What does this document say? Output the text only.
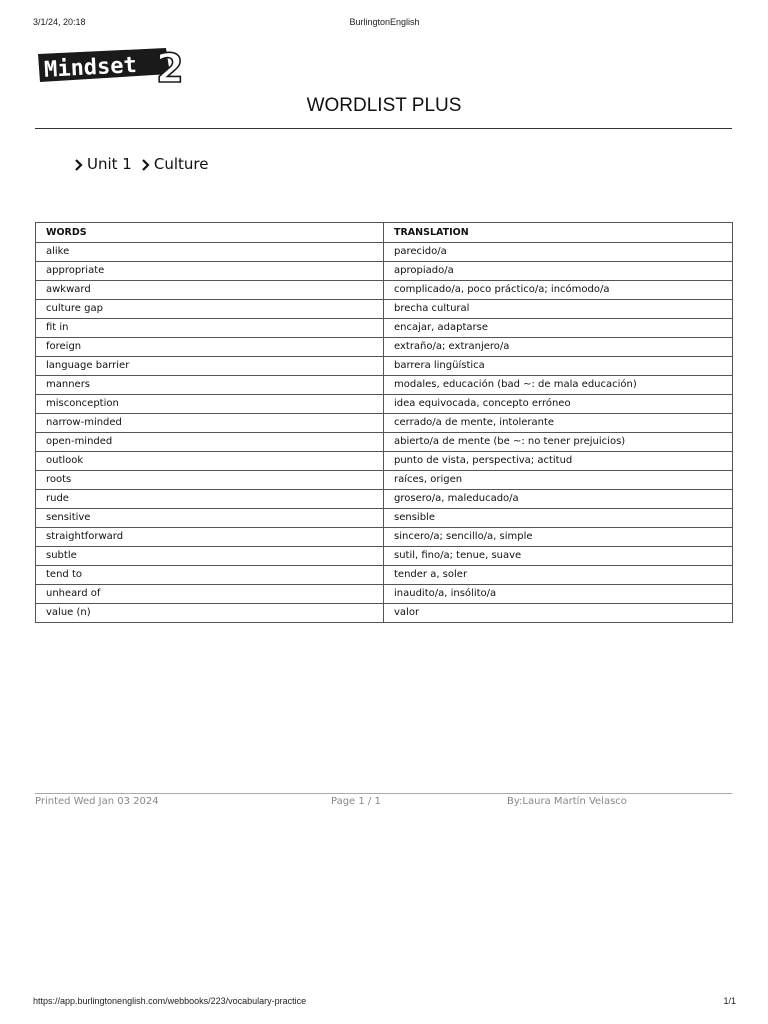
3/1/24, 20:18	BurlingtonEnglish
Mindset 2
WORDLIST PLUS
Unit 1 Culture
WORDS	TRANSLATION
alike	parecido/a
appropriate	apropiado/a
awkward	complicado/a, poco práctico/a; incómodo/a
culture gap	brecha cultural
fit in	encajar, adaptarse
foreign	extraño/a; extranjero/a
language barrier	barrera lingüística
manners	modales, educación (bad ~: de mala educación)
misconception	idea equivocada, concepto erróneo
narrow-minded	cerrado/a de mente, intolerante
open-minded	abierto/a de mente (be ~: no tener prejuicios)
outlook	punto de vista, perspectiva; actitud
roots	raíces, origen
rude	grosero/a, maleducado/a
sensitive	sensible
straightforward	sincero/a; sencillo/a, simple
subtle	sutil, fino/a; tenue, suave
tend to	tender a, soler
unheard of	inaudito/a, insólito/a
value (n)	valor
Printed Wed Jan 03 2024	Page 1 / 1	By:Laura Martín Velasco
https://app.burlingtonenglish.com/webbooks/223/vocabulary-practice	1/1
